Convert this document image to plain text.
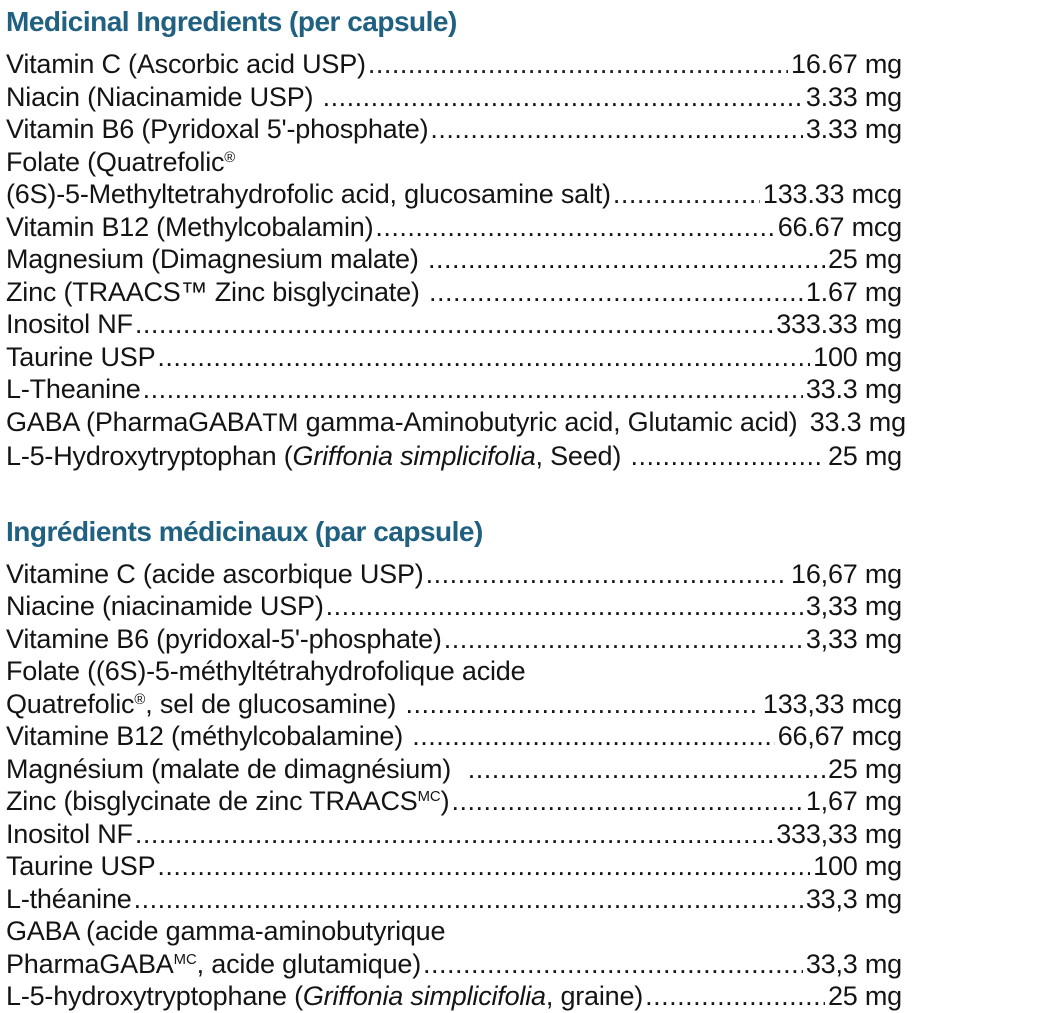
Medicinal Ingredients (per capsule)
Vitamin C (Ascorbic acid USP) .....	16.67 mg
Niacin (Niacinamide USP) .....	3.33 mg
Vitamin B6 (Pyridoxal 5'-phosphate) .....	3.33 mg
Folate (Quatrefolic®
(6S)-5-Methyltetrahydrofolic acid, glucosamine salt) .....	133.33 mcg
Vitamin B12 (Methylcobalamin) .....	66.67 mcg
Magnesium (Dimagnesium malate) .....	25 mg
Zinc (TRAACS™ Zinc bisglycinate) .....	1.67 mg
Inositol NF .....	333.33 mg
Taurine USP .....	100 mg
L-Theanine .....	33.3 mg
GABA (PharmaGABATM gamma-Aminobutyric acid, Glutamic acid) 33.3 mg
L-5-Hydroxytryptophan (Griffonia simplicifolia, Seed) .....	25 mg
Ingrédients médicinaux (par capsule)
Vitamine C (acide ascorbique USP) .....	16,67 mg
Niacine (niacinamide USP) .....	3,33 mg
Vitamine B6 (pyridoxal-5'-phosphate) .....	3,33 mg
Folate ((6S)-5-méthyltétrahydrofolique acide
Quatrefolic®, sel de glucosamine) .....	133,33 mcg
Vitamine B12 (méthylcobalamine) .....	66,67 mcg
Magnésium (malate de dimagnésium) .....	25 mg
Zinc (bisglycinate de zinc $TRAACS^{MC}$) .....	1,67 mg
Inositol NF .....	333,33 mg
Taurine USP .....	100 mg
L-théanine .....	33,3 mg
GABA (acide gamma-aminobutyrique
PharmaGABA$^{MC}$, acide glutamique) .....	33,3 mg
L-5-hydroxytryptophane (Griffonia simplicifolia, graine) .....	25 mg
